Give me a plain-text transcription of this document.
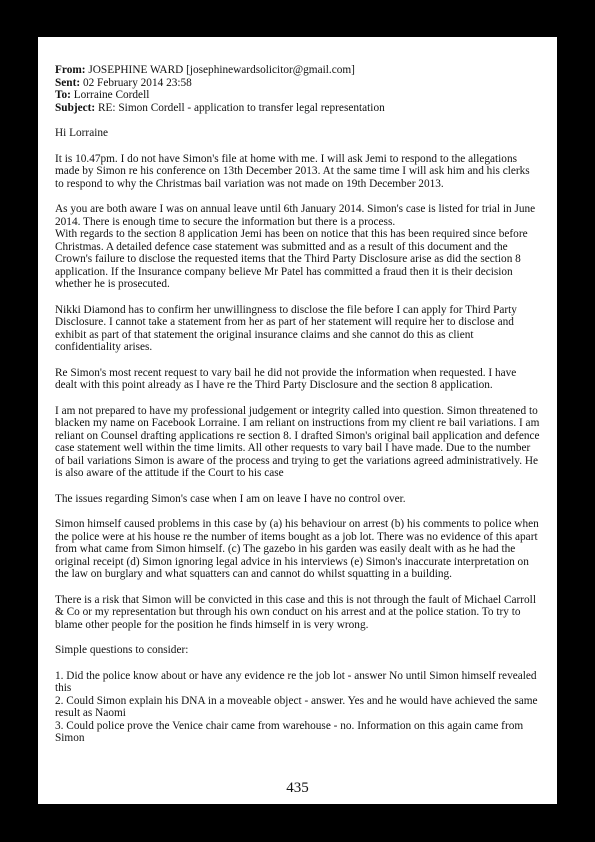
From: JOSEPHINE WARD [josephinewardsolicitor@gmail.com]

Sent: 02 February 2014 23:58

To: Lorraine Cordell

Subject: RE: Simon Cordell - application to transfer legal representation

Hi Lorraine

It is 10.47pm. I do not have Simon's file at home with me. I will ask Jemi to respond to the allegations made by Simon re his conference on 13th December 2013. At the same time I will ask him and his clerks to respond to why the Christmas bail variation was not made on 19th December 2013.

As you are both aware I was on annual leave until 6th January 2014. Simon's case is listed for trial in June 2014. There is enough time to secure the information but there is a process.

With regards to the section 8 application Jemi has been on notice that this has been required since before Christmas. A detailed defence case statement was submitted and as a result of this document and the Crown's failure to disclose the requested items that the Third Party Disclosure arise as did the section 8 application. If the Insurance company believe Mr Patel has committed a fraud then it is their decision whether he is prosecuted.

Nikki Diamond has to confirm her unwillingness to disclose the file before I can apply for Third Party Disclosure. I cannot take a statement from her as part of her statement will require her to disclose and exhibit as part of that statement the original insurance claims and she cannot do this as client confidentiality arises.

Re Simon's most recent request to vary bail he did not provide the information when requested. I have dealt with this point already as I have re the Third Party Disclosure and the section 8 application.

I am not prepared to have my professional judgement or integrity called into question. Simon threatened to blacken my name on Facebook Lorraine. I am reliant on instructions from my client re bail variations. I am reliant on Counsel drafting applications re section 8. I drafted Simon's original bail application and defence case statement well within the time limits. All other requests to vary bail I have made. Due to the number of bail variations Simon is aware of the process and trying to get the variations agreed administratively. He is also aware of the attitude if the Court to his case

The issues regarding Simon's case when I am on leave I have no control over.

Simon himself caused problems in this case by (a) his behaviour on arrest (b) his comments to police when the police were at his house re the number of items bought as a job lot. There was no evidence of this apart from what came from Simon himself. (c) The gazebo in his garden was easily dealt with as he had the original receipt (d) Simon ignoring legal advice in his interviews (e) Simon's inaccurate interpretation on the law on burglary and what squatters can and cannot do whilst squatting in a building.

There is a risk that Simon will be convicted in this case and this is not through the fault of Michael Carroll & Co or my representation but through his own conduct on his arrest and at the police station. To try to blame other people for the position he finds himself in is very wrong.

Simple questions to consider:

1. Did the police know about or have any evidence re the job lot - answer No until Simon himself revealed this

2. Could Simon explain his DNA in a moveable object - answer. Yes and he would have achieved the same result as Naomi

3. Could police prove the Venice chair came from warehouse - no. Information on this again came from Simon

435
